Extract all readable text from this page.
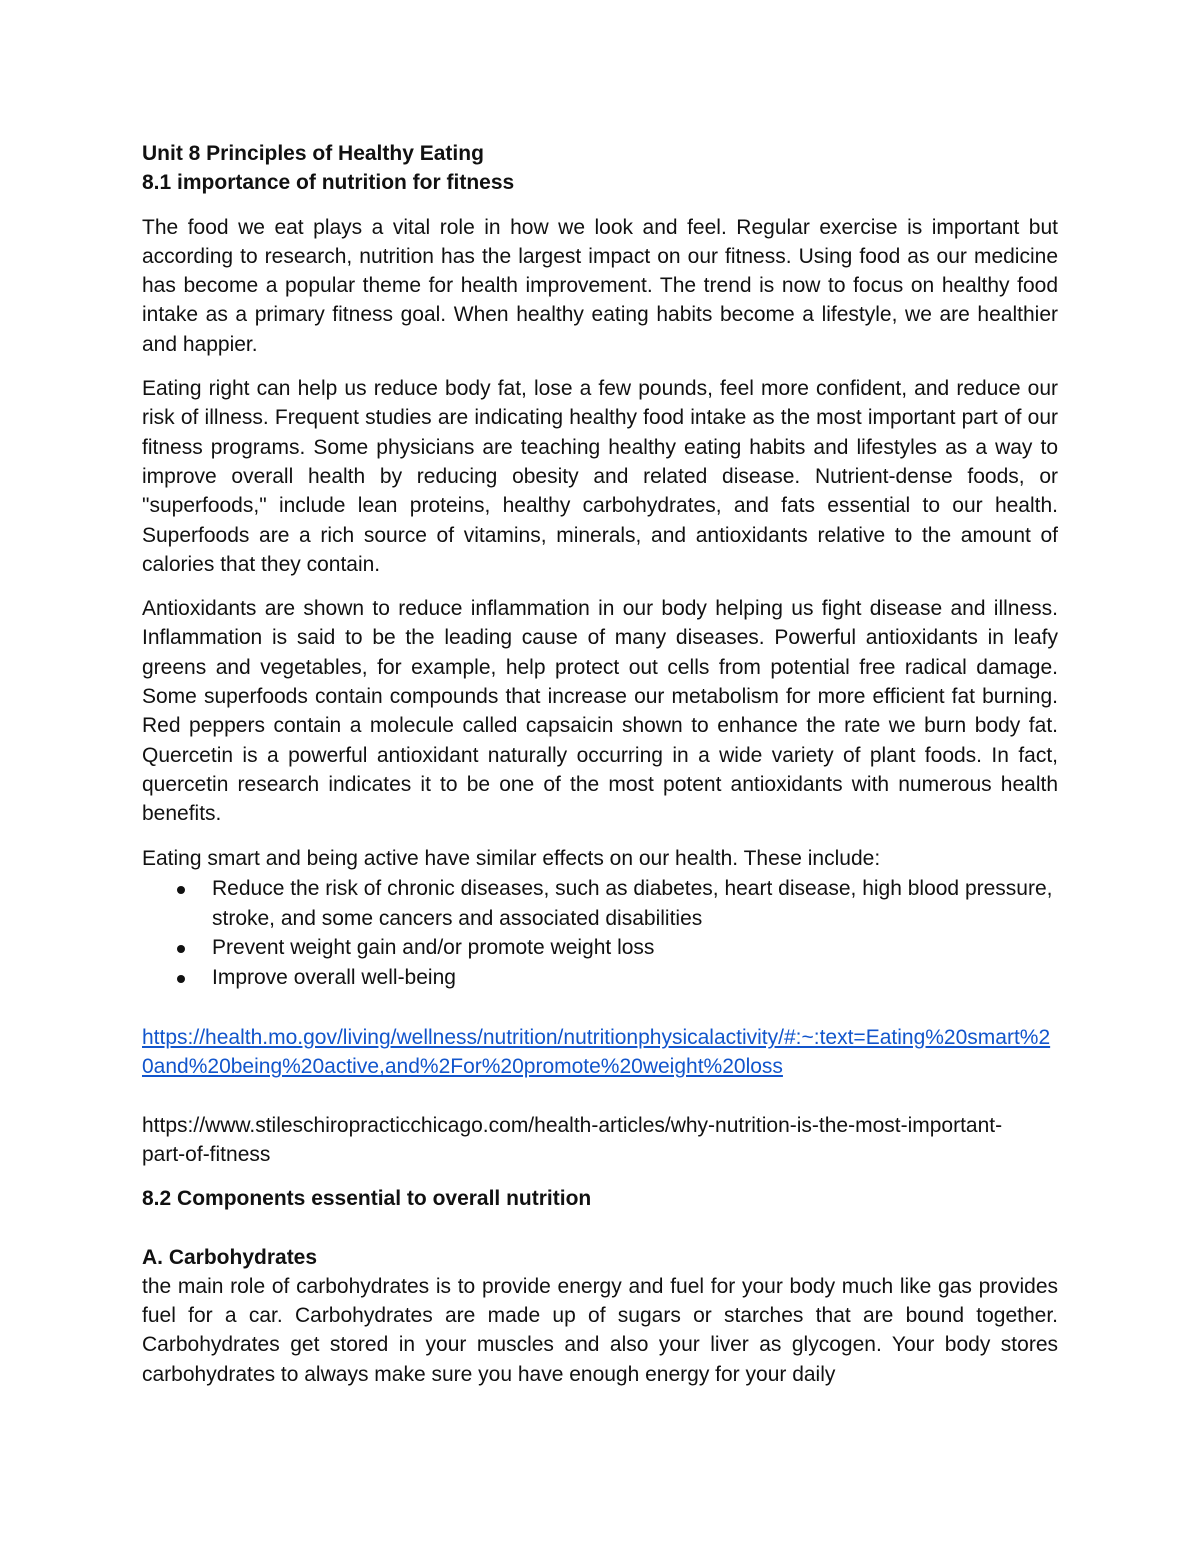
Unit 8 Principles of Healthy Eating
8.1 importance of nutrition for fitness

The food we eat plays a vital role in how we look and feel. Regular exercise is important but according to research, nutrition has the largest impact on our fitness. Using food as our medicine has become a popular theme for health improvement. The trend is now to focus on healthy food intake as a primary fitness goal. When healthy eating habits become a lifestyle, we are healthier and happier.

Eating right can help us reduce body fat, lose a few pounds, feel more confident, and reduce our risk of illness. Frequent studies are indicating healthy food intake as the most important part of our fitness programs. Some physicians are teaching healthy eating habits and lifestyles as a way to improve overall health by reducing obesity and related disease. Nutrient-dense foods, or "superfoods," include lean proteins, healthy carbohydrates, and fats essential to our health. Superfoods are a rich source of vitamins, minerals, and antioxidants relative to the amount of calories that they contain.

Antioxidants are shown to reduce inflammation in our body helping us fight disease and illness. Inflammation is said to be the leading cause of many diseases. Powerful antioxidants in leafy greens and vegetables, for example, help protect out cells from potential free radical damage. Some superfoods contain compounds that increase our metabolism for more efficient fat burning. Red peppers contain a molecule called capsaicin shown to enhance the rate we burn body fat. Quercetin is a powerful antioxidant naturally occurring in a wide variety of plant foods. In fact, quercetin research indicates it to be one of the most potent antioxidants with numerous health benefits.

Eating smart and being active have similar effects on our health. These include:

Reduce the risk of chronic diseases, such as diabetes, heart disease, high blood pressure, stroke, and some cancers and associated disabilities
Prevent weight gain and/or promote weight loss
Improve overall well-being
https://health.mo.gov/living/wellness/nutrition/nutritionphysicalactivity/#:~:text=Eating%20smart%20and%20being%20active,and%2For%20promote%20weight%20loss
https://www.stileschiropracticchicago.com/health-articles/why-nutrition-is-the-most-important-part-of-fitness
8.2 Components essential to overall nutrition
A. Carbohydrates

the main role of carbohydrates is to provide energy and fuel for your body much like gas provides fuel for a car. Carbohydrates are made up of sugars or starches that are bound together. Carbohydrates get stored in your muscles and also your liver as glycogen. Your body stores carbohydrates to always make sure you have enough energy for your daily
